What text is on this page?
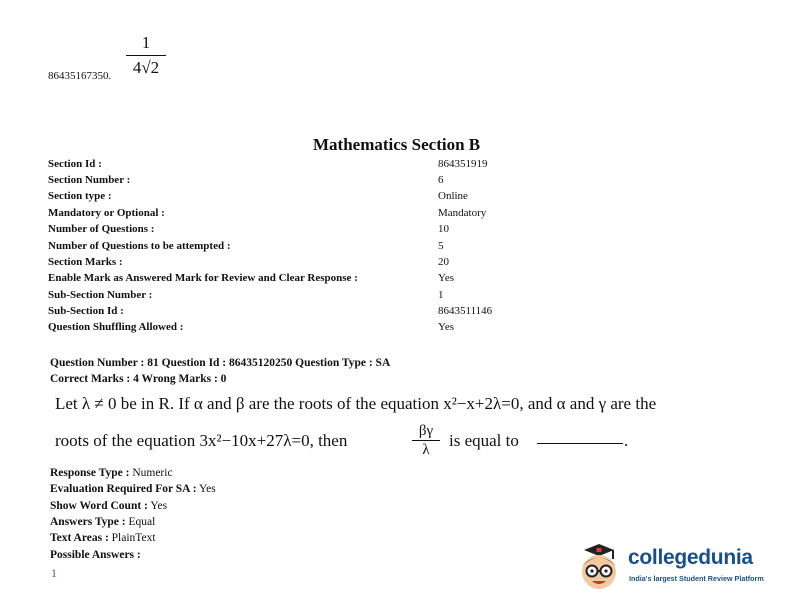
86435167350.
1
4√2
Mathematics Section B
Section Id :	864351919
Section Number :	6
Section type :	Online
Mandatory or Optional :	Mandatory
Number of Questions :	10
Number of Questions to be attempted :	5
Section Marks :	20
Enable Mark as Answered Mark for Review and Clear Response :	Yes
Sub-Section Number :	1
Sub-Section Id :	8643511146
Question Shuffling Allowed :	Yes
Question Number : 81 Question Id : 86435120250 Question Type : SA
Correct Marks : 4 Wrong Marks : 0
Let λ ≠ 0 be in R. If α and β are the roots of the equation x²−x+2λ=0, and α and γ are the
roots of the equation 3x²−10x+27λ=0, then	βγ
λ	is equal to	.
Response Type : Numeric
Evaluation Required For SA : Yes
Show Word Count : Yes
Answers Type : Equal
Text Areas : PlainText
Possible Answers :
1
collegedunia
India's largest Student Review Platform
